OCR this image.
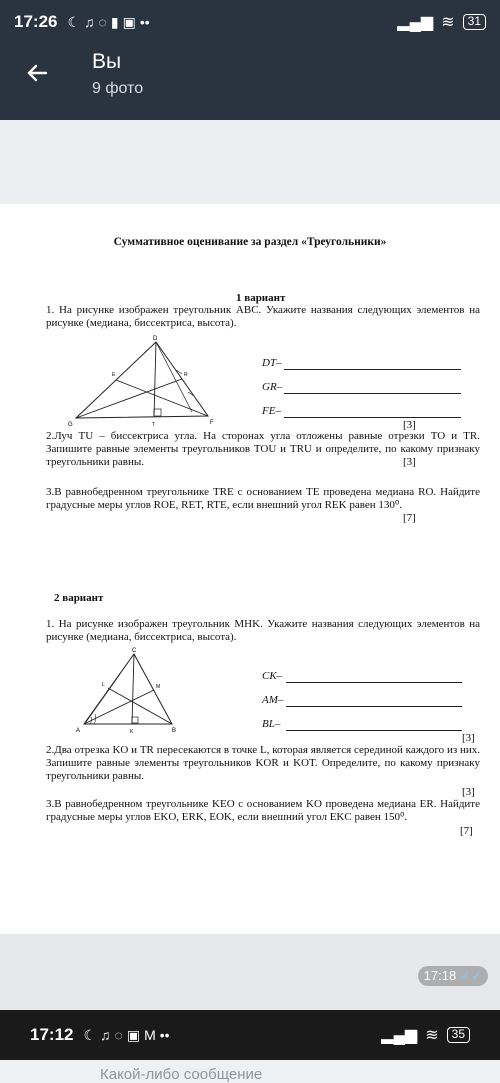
17:26 ☾ ♫ ◌ ▮ ▣ ••	▂▄▆ ≋	31
Вы
9 фото
Суммативное оценивание за раздел «Треугольники»
1 вариант
1. На рисунке изображен треугольник ABC. Укажите названия следующих элементов на рисунке (медиана, биссектриса, высота).
D
G	F
E	R
T
DT–
GR–
FE–
[3]
2.Луч TU – биссектриса угла. На сторонах угла отложены равные отрезки TO и TR. Запишите равные элементы треугольников TOU и TRU и определите, по какому признаку треугольники равны.	[3]
3.В равнобедренном треугольнике TRE с основанием TE проведена медиана RO. Найдите градусные меры углов ROE, RET, RTE, если внешний угол REK равен 130⁰.
[7]
2 вариант
1. На рисунке изображен треугольник MHK. Укажите названия следующих элементов на рисунке (медиана, биссектриса, высота).
C
L	M
A	K	B
CK–
AM–
BL–
[3]
2.Два отрезка KO и TR пересекаются в точке L, которая является серединой каждого из них. Запишите равные элементы треугольников KOR и KOT. Определите, по какому признаку треугольники равны.
[3]
3.В равнобедренном треугольнике KEO с основанием KO проведена медиана ER. Найдите градусные меры углов EKO, ERK, EOK, если внешний угол EKC равен 150⁰.
[7]
17:18 ✓✓
17:12 ☾ ♫ ◌ ▣ M ••	▂▄▆ ≋	35
Какой-либо сообщение
